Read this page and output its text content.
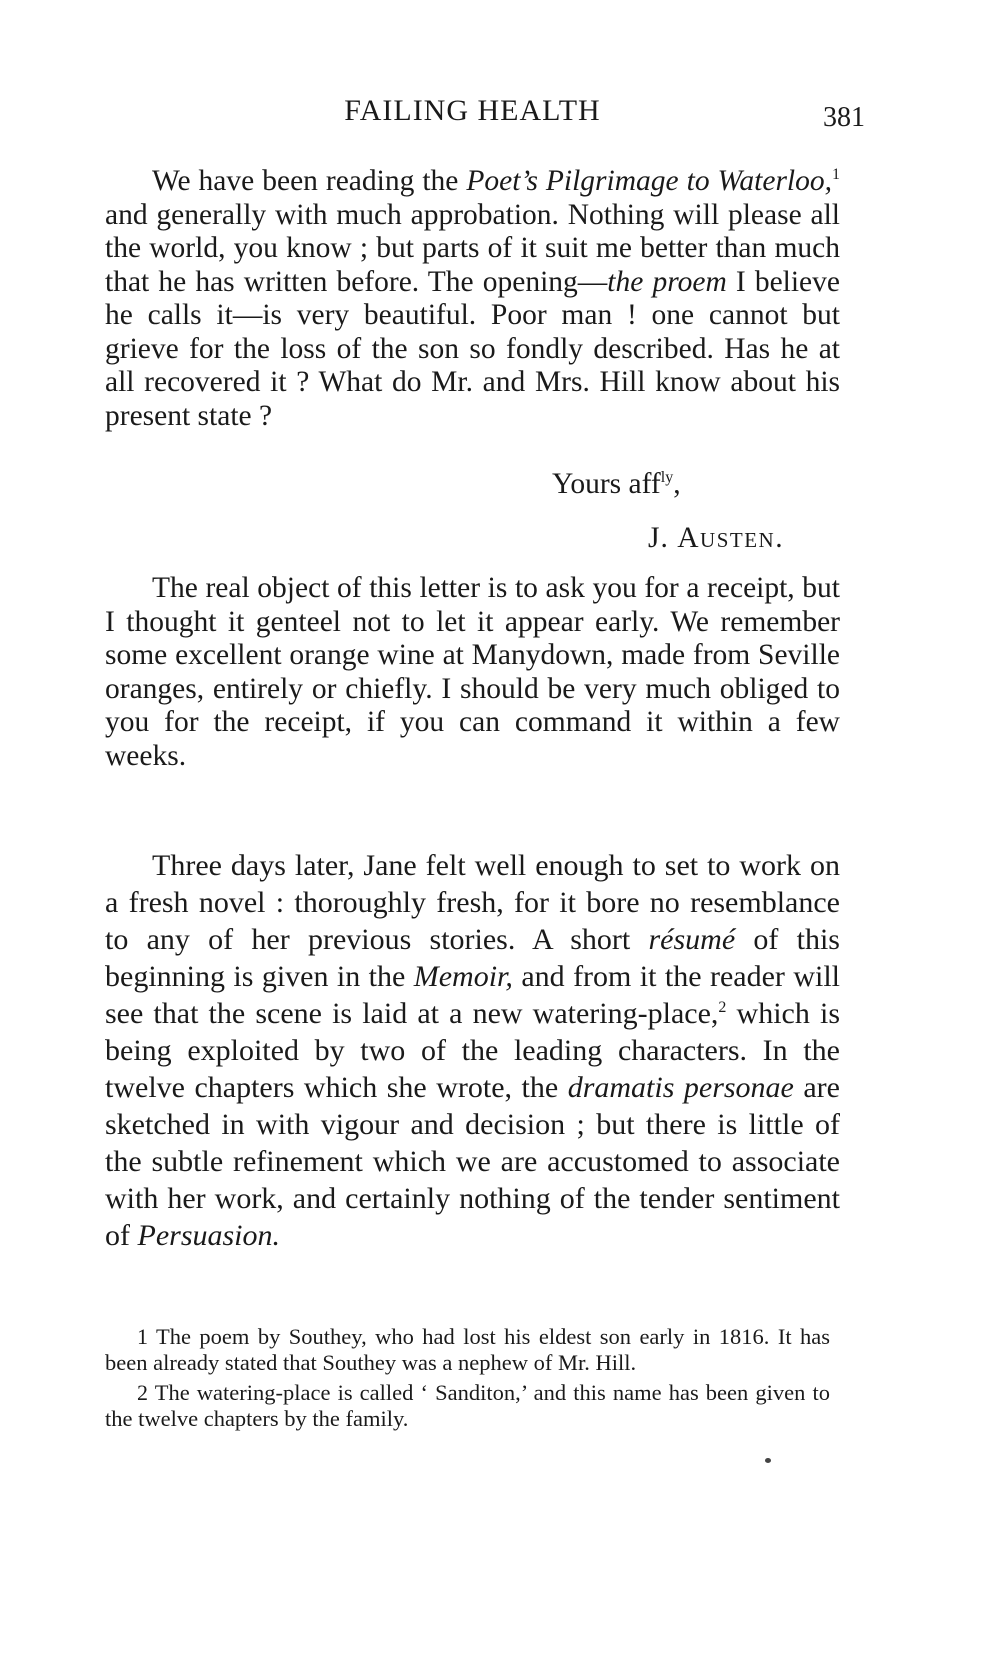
FAILING HEALTH	381

We have been reading the Poet’s Pilgrimage to Waterloo,$^1$ and generally with much approbation. Nothing will please all the world, you know ; but parts of it suit me better than much that he has written before. The opening—the proem I believe he calls it—is very beautiful. Poor man ! one cannot but grieve for the loss of the son so fondly described. Has he at all recovered it ? What do Mr. and Mrs. Hill know about his present state ?

Yours aff$^{ly}$,
J. Austen.

The real object of this letter is to ask you for a receipt, but I thought it genteel not to let it appear early. We remember some excellent orange wine at Manydown, made from Seville oranges, entirely or chiefly. I should be very much obliged to you for the receipt, if you can command it within a few weeks.

Three days later, Jane felt well enough to set to work on a fresh novel : thoroughly fresh, for it bore no resemblance to any of her previous stories. A short résumé of this beginning is given in the Memoir, and from it the reader will see that the scene is laid at a new watering-place,$^2$ which is being exploited by two of the leading characters. In the twelve chapters which she wrote, the dramatis personae are sketched in with vigour and decision ; but there is little of the subtle refinement which we are accustomed to associate with her work, and certainly nothing of the tender sentiment of Persuasion.

1 The poem by Southey, who had lost his eldest son early in 1816. It has been already stated that Southey was a nephew of Mr. Hill.

2 The watering-place is called ‘ Sanditon,’ and this name has been given to the twelve chapters by the family.
